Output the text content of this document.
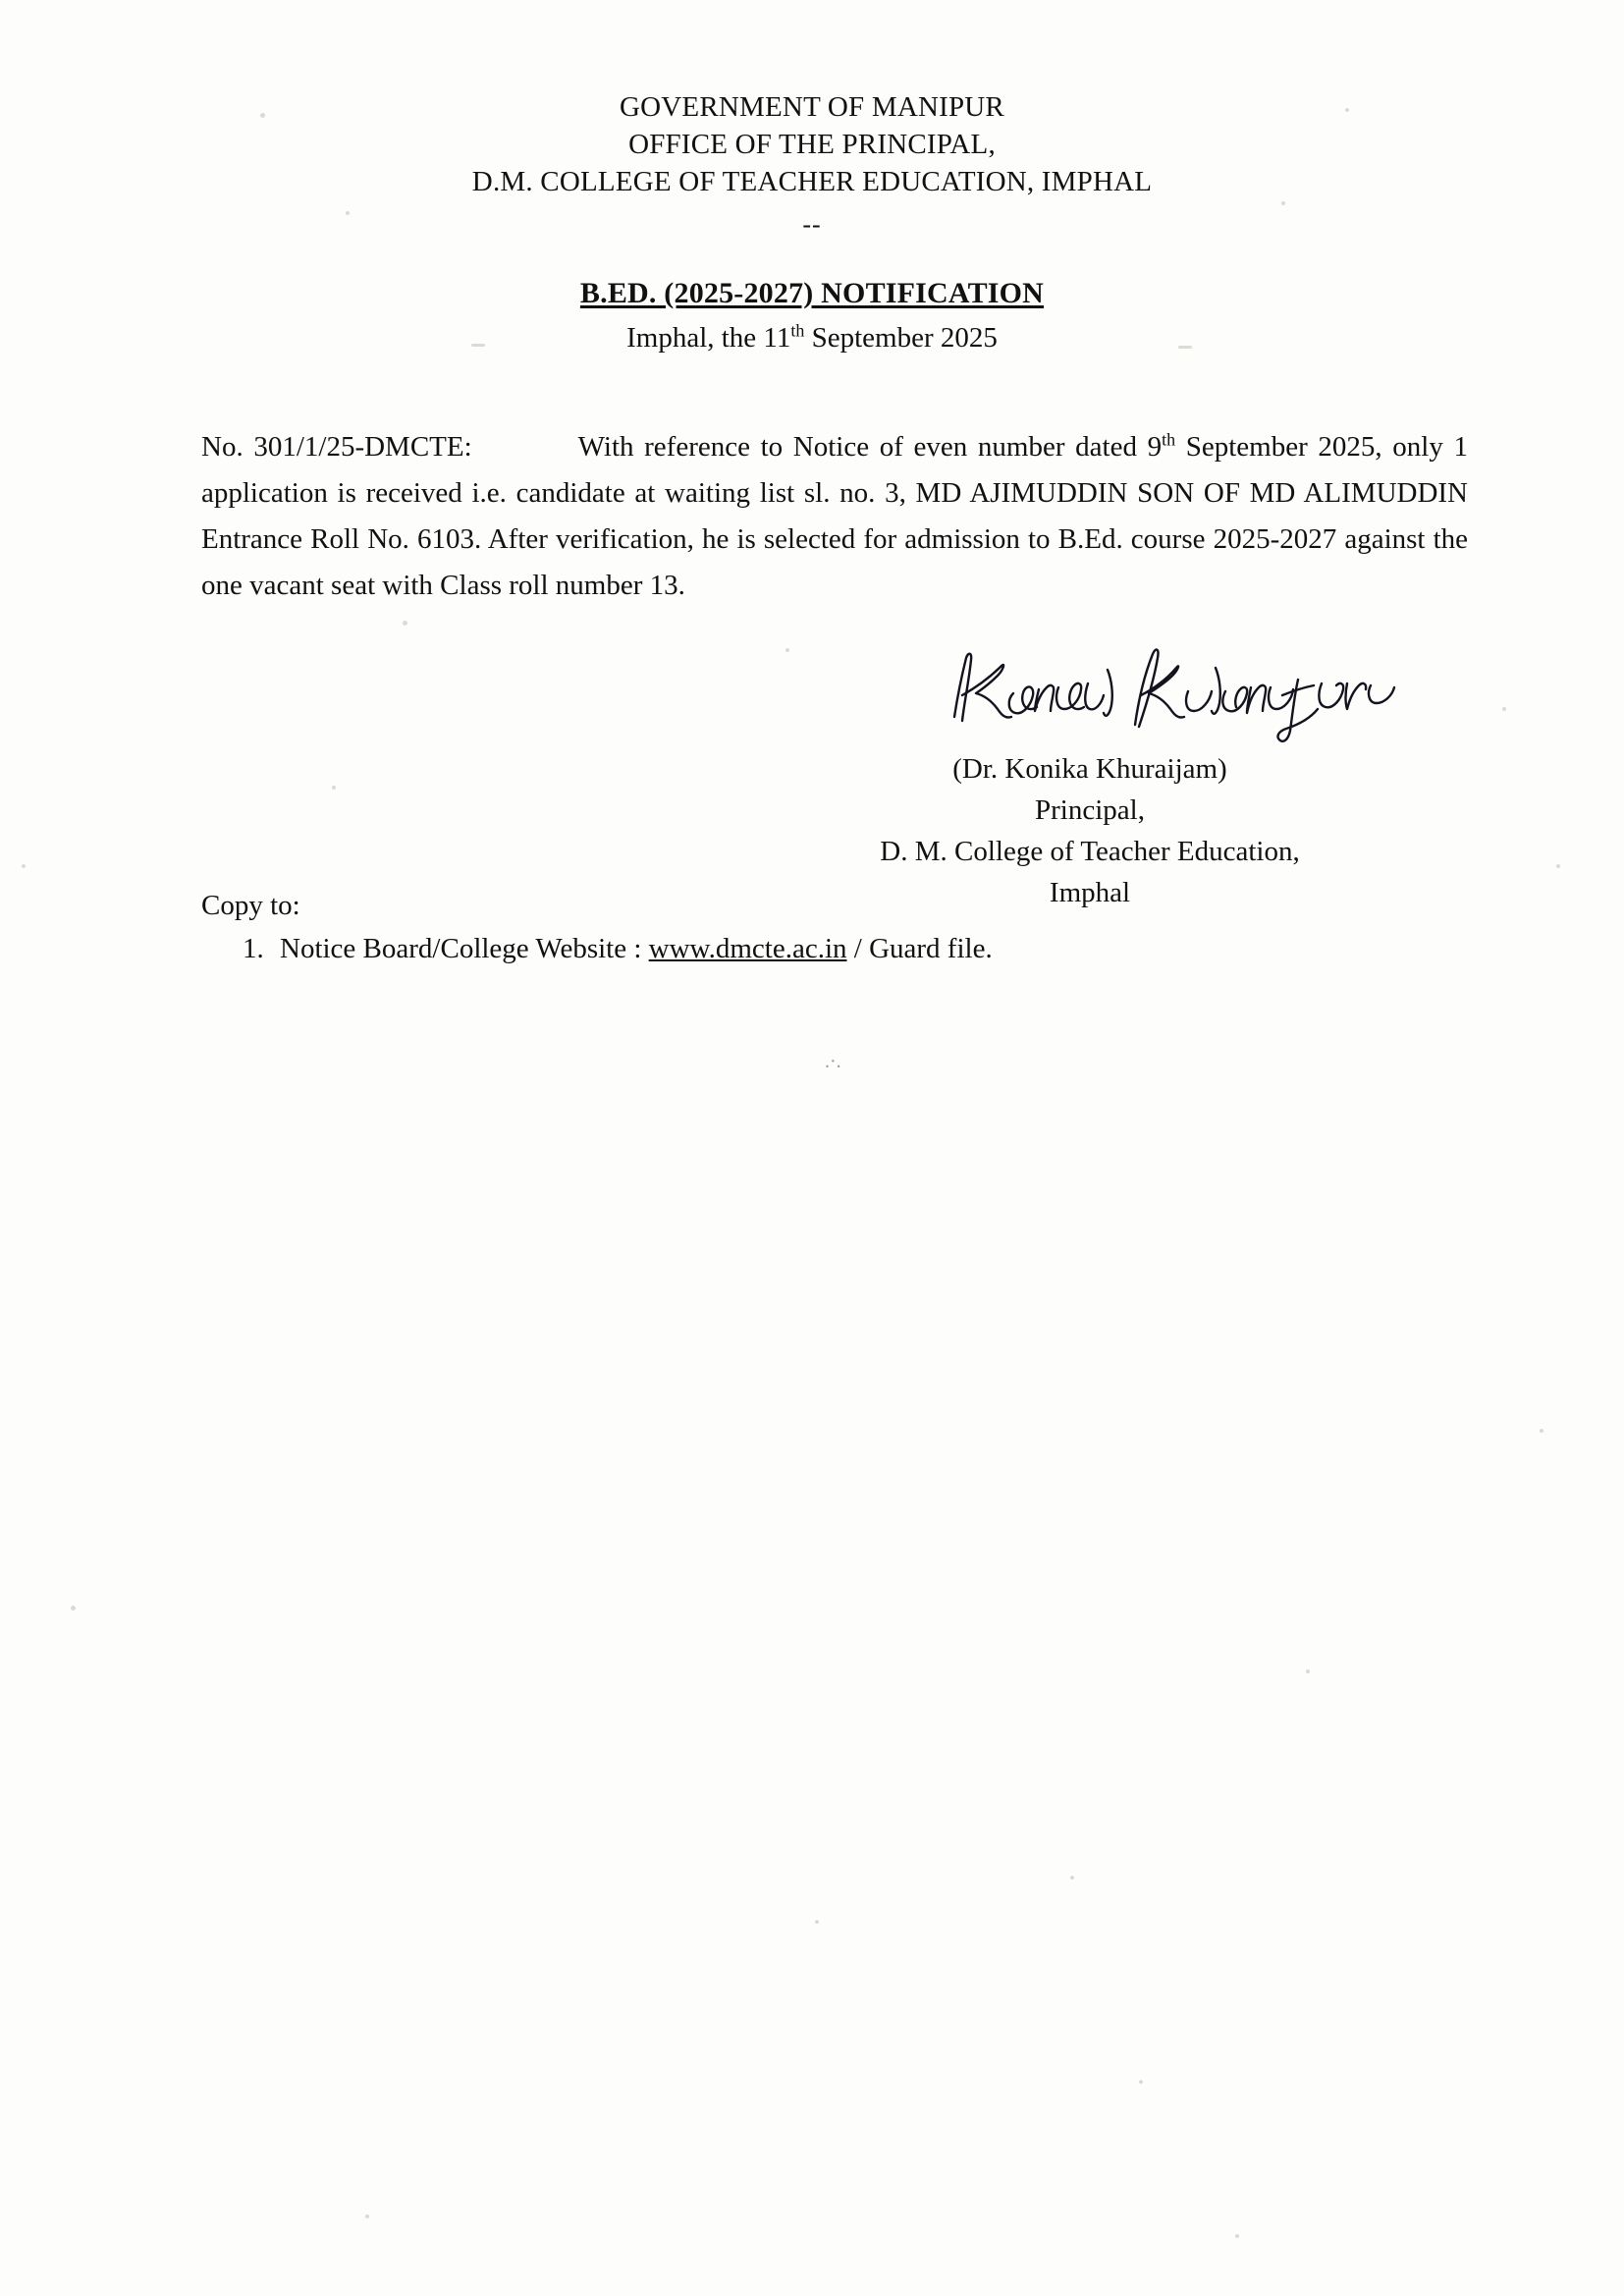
GOVERNMENT OF MANIPUR
OFFICE OF THE PRINCIPAL,
D.M. COLLEGE OF TEACHER EDUCATION, IMPHAL
--
B.ED. (2025-2027) NOTIFICATION
Imphal, the 11th September 2025
No. 301/1/25-DMCTE:	With reference to Notice of even number dated 9th September 2025, only 1 application is received i.e. candidate at waiting list sl. no. 3, MD AJIMUDDIN SON OF MD ALIMUDDIN Entrance Roll No. 6103. After verification, he is selected for admission to B.Ed. course 2025-2027 against the one vacant seat with Class roll number 13.
(Dr. Konika Khuraijam)
Principal,
D. M. College of Teacher Education,
Imphal
Copy to:
1. Notice Board/College Website : www.dmcte.ac.in / Guard file.
.·.
